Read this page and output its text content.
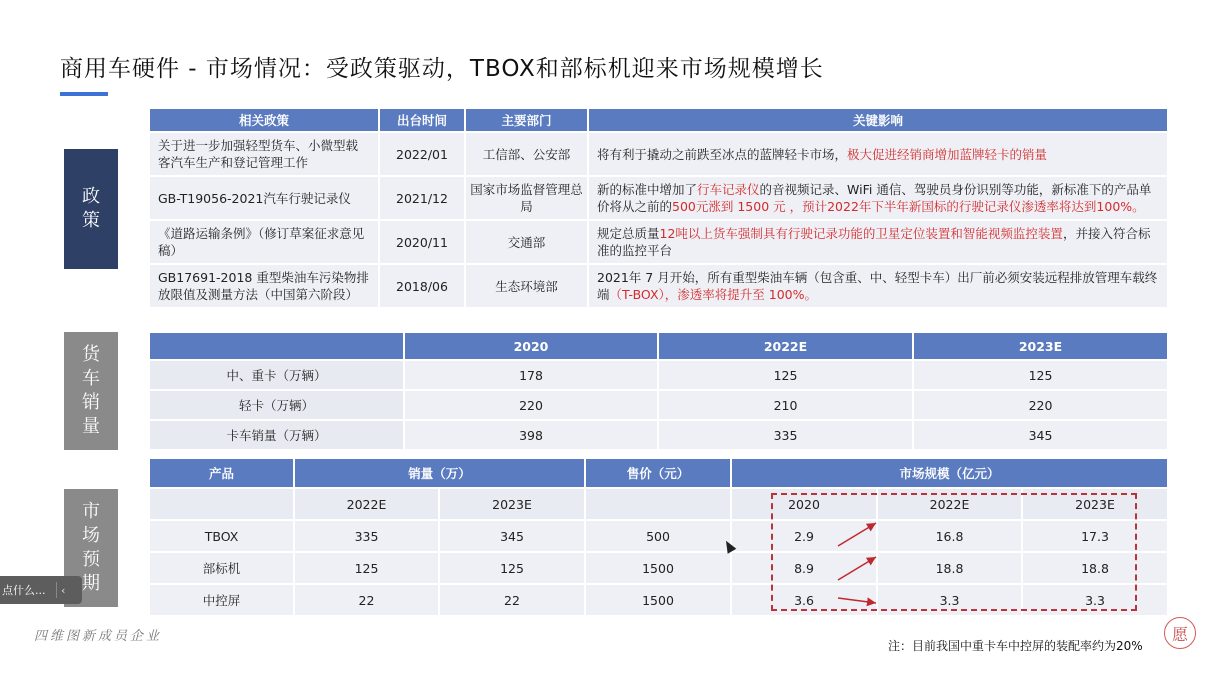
商用车硬件 - 市场情况：受政策驱动，TBOX和部标机迎来市场规模增长
政
策
货
车
销
量
市
场
预
期
相关政策	出台时间	主要部门	关键影响
关于进一步加强轻型货车、小微型载客汽车生产和登记管理工作	2022/01	工信部、公安部	将有利于撬动之前跌至冰点的蓝牌轻卡市场，极大促进经销商增加蓝牌轻卡的销量
GB-T19056-2021汽车行驶记录仪	2021/12	国家市场监督管理总局	新的标准中增加了行车记录仪的音视频记录、WiFi 通信、驾驶员身份识别等功能，新标准下的产品单价将从之前的500元涨到 1500 元 ，预计2022年下半年新国标的行驶记录仪渗透率将达到100%。
《道路运输条例》（修订草案征求意见稿）	2020/11	交通部	规定总质量12吨以上货车强制具有行驶记录功能的卫星定位装置和智能视频监控装置，并接入符合标准的监控平台
GB17691-2018 重型柴油车污染物排放限值及测量方法（中国第六阶段）	2018/06	生态环境部	2021年 7 月开始，所有重型柴油车辆（包含重、中、轻型卡车）出厂前必须安装远程排放管理车载终端（T-BOX），渗透率将提升至 100%。
	2020	2022E	2023E
中、重卡（万辆）	178	125	125
轻卡（万辆）	220	210	220
卡车销量（万辆）	398	335	345
产品	销量（万）		售价（元）	市场规模（亿元）		
	2022E	2023E		2020	2022E	2023E
TBOX	335	345	500	2.9	16.8	17.3
部标机	125	125	1500	8.9	18.8	18.8
中控屏	22	22	1500	3.6	3.3	3.3
点什么...	‹
四维图新成员企业
注：目前我国中重卡车中控屏的装配率约为20%
愿
